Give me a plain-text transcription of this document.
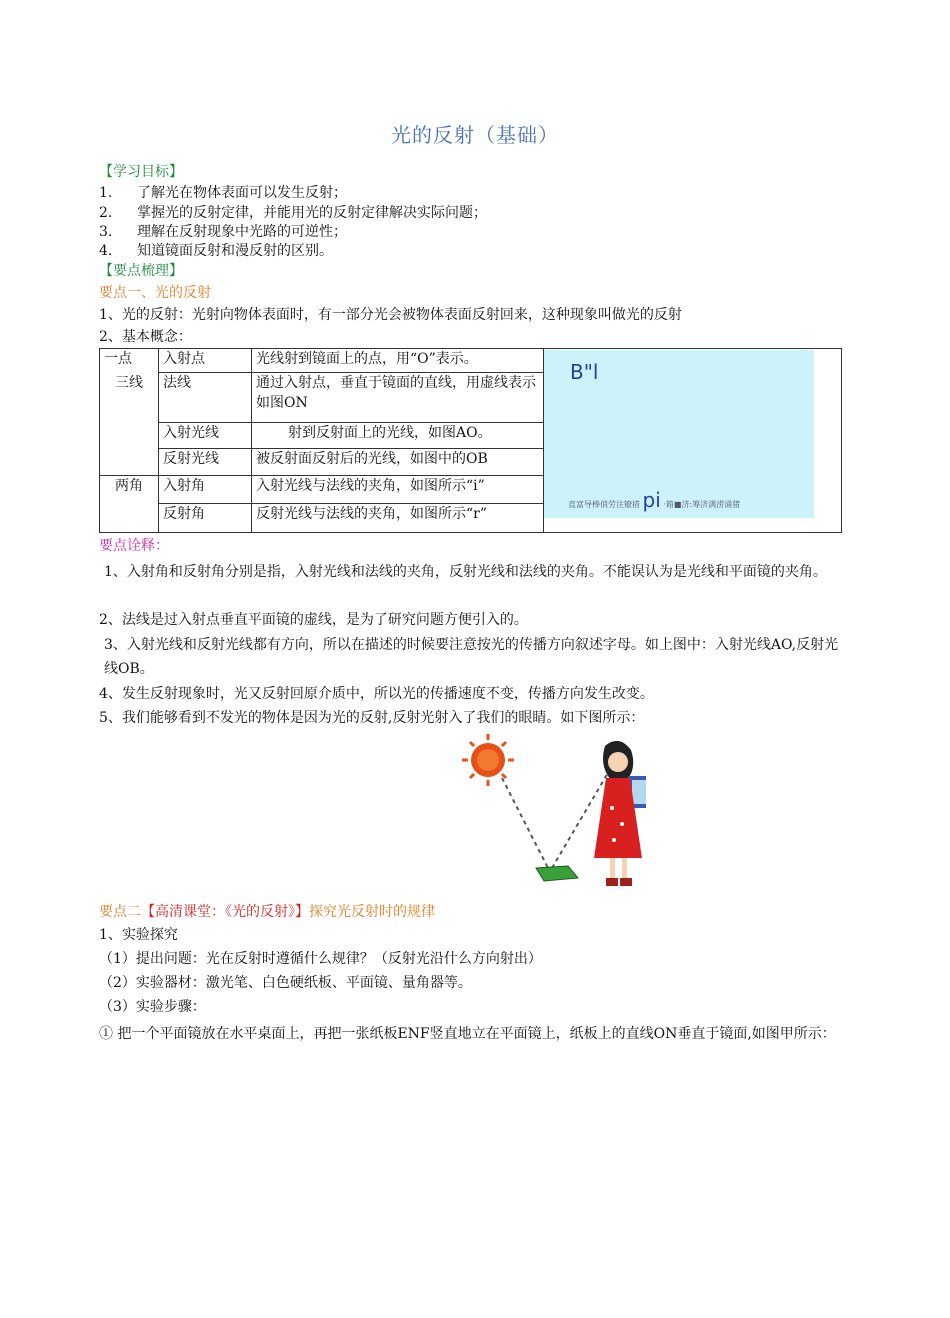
光的反射（基础）
【学习目标】
1.	了解光在物体表面可以发生反射；
2.	掌握光的反射定律，并能用光的反射定律解决实际问题；
3.	理解在反射现象中光路的可逆性；
4.	知道镜面反射和漫反射的区别。
【要点梳理】
要点一、光的反射
1、光的反射：光射向物体表面时，有一部分光会被物体表面反射回来，这种现象叫做光的反射
2、基本概念：
一点	入射点	光线射到镜面上的点，用“O”表示。	
三线	法线	通过入射点，垂直于镜面的直线，用虚线表示如图ON	
	入射光线	射到反射面上的光线，如图AO。	
	反射光线	被反射面反射后的光线，如图中的OB	
两角	入射角	入射光线与法线的夹角，如图所示“i”	
	反射角	反射光线与法线的夹角，如图所示“r”	
B"l
直富导棒俏劳注镣措 pi ·箱■济:筹济满涝涌猪
要点诠释：
1、入射角和反射角分别是指，入射光线和法线的夹角，反射光线和法线的夹角。不能误认为是光线和平面镜的夹角。
2、法线是过入射点垂直平面镜的虚线，是为了研究问题方便引入的。
3、入射光线和反射光线都有方向，所以在描述的时候要注意按光的传播方向叙述字母。如上图中：入射光线AO,反射光线OB。
4、发生反射现象时，光又反射回原介质中，所以光的传播速度不变，传播方向发生改变。
5、我们能够看到不发光的物体是因为光的反射,反射光射入了我们的眼睛。如下图所示：
要点二【高清课堂：《光的反射》】探究光反射时的规律
1、实验探究
（1）提出问题：光在反射时遵循什么规律？（反射光沿什么方向射出）
（2）实验器材：激光笔、白色硬纸板、平面镜、量角器等。
（3）实验步骤：
① 把一个平面镜放在水平桌面上，再把一张纸板ENF竖直地立在平面镜上，纸板上的直线ON垂直于镜面,如图甲所示：
